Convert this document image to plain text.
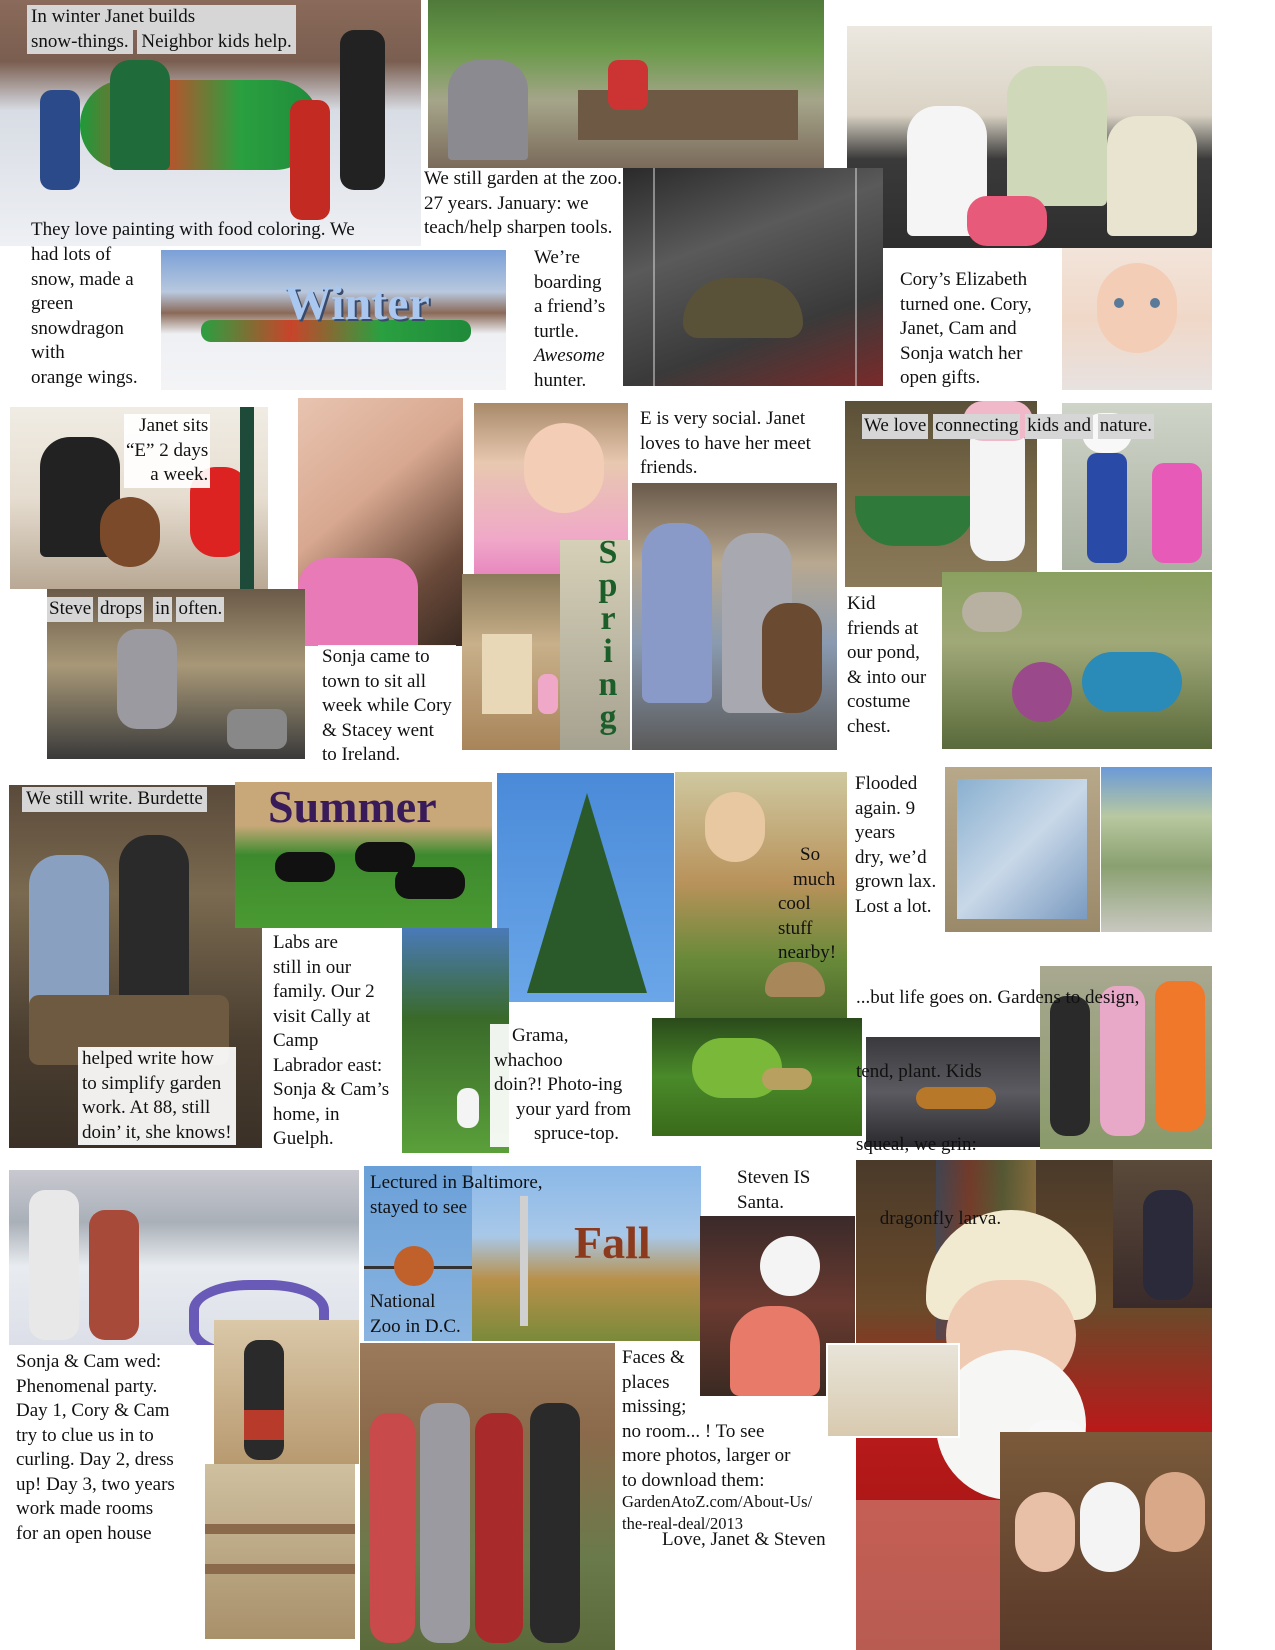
Winter
S
p
r
i
n
g
Summer
Fall
In winter Janet builds
snow-things. Neighbor kids help.
They love painting with food coloring. We
had lots of
snow, made a
green
snowdragon
with
orange wings.
We still garden at the zoo.
27 years. January: we
teach/help sharpen tools.
We’re
boarding
a friend’s
turtle.
Awesome
hunter.
Cory’s Elizabeth
turned one. Cory,
Janet, Cam and
Sonja watch her
open gifts.
Janet sits
“E” 2 days
a week.
Steve drops in often.
Sonja came to
town to sit all
week while Cory
& Stacey went
to Ireland.
E is very social. Janet
loves to have her meet
friends.
We love connecting kids and nature.
Kid
friends at
our pond,
& into our
costume
chest.
We still write. Burdette
helped write how
to simplify garden
work. At 88, still
doin’ it, she knows!
Labs are
still in our
family. Our 2
visit Cally at
Camp
Labrador east:
Sonja & Cam’s
home, in
Guelph.
So
much
cool
stuff
nearby!
Flooded
again. 9
years
dry, we’d
grown lax.
Lost a lot.

...but life goes on. Gardens to design,

tend, plant. Kids

squeal, we grin:

dragonfly larva.

Grama,
whachoo
doin?! Photo-ing
your yard from
spruce-top.
Lectured in Baltimore,
stayed to see
National
Zoo in D.C.
Steven IS
Santa.
Sonja & Cam wed:
Phenomenal party.
Day 1, Cory & Cam
try to clue us in to
curling. Day 2, dress
up! Day 3, two years
work made rooms
for an open house
Faces &
places
missing;
no room... ! To see
more photos, larger or
to download them:
GardenAtoZ.com/About-Us/
the-real-deal/2013
Love, Janet & Steven
